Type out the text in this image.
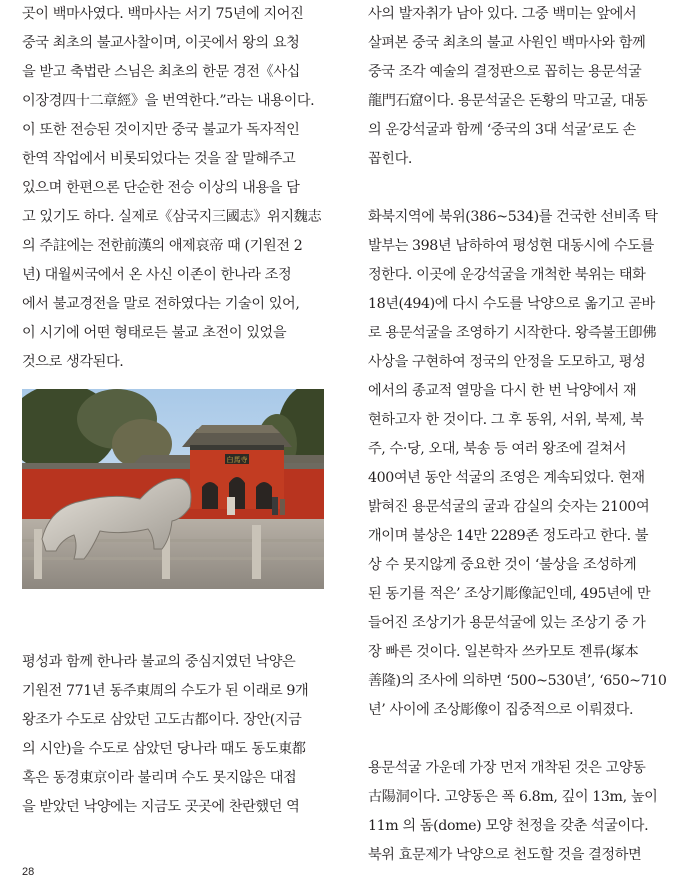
곳이 백마사였다. 백마사는 서기 75년에 지어진
중국 최초의 불교사찰이며, 이곳에서 왕의 요청
을 받고 축법란 스님은 최초의 한문 경전《사십
이장경四十二章經》을 번역한다.”라는 내용이다.
이 또한 전승된 것이지만 중국 불교가 독자적인
한역 작업에서 비롯되었다는 것을 잘 말해주고
있으며 한편으론 단순한 전승 이상의 내용을 담
고 있기도 하다. 실제로《삼국지三國志》위지魏志
의 주註에는 전한前漢의 애제哀帝 때 (기원전 2
년) 대월씨국에서 온 사신 이존이 한나라 조정
에서 불교경전을 말로 전하였다는 기술이 있어,
이 시기에 어떤 형태로든 불교 초전이 있었을
것으로 생각된다.
白馬寺
평성과 함께 한나라 불교의 중심지였던 낙양은
기원전 771년 동주東周의 수도가 된 이래로 9개
왕조가 수도로 삼았던 고도古都이다. 장안(지금
의 시안)을 수도로 삼았던 당나라 때도 동도東都
혹은 동경東京이라 불리며 수도 못지않은 대접
을 받았던 낙양에는 지금도 곳곳에 찬란했던 역
사의 발자취가 남아 있다. 그중 백미는 앞에서
살펴본 중국 최초의 불교 사원인 백마사와 함께
중국 조각 예술의 결정판으로 꼽히는 용문석굴
龍門石窟이다. 용문석굴은 돈황의 막고굴, 대동
의 운강석굴과 함께 ‘중국의 3대 석굴’로도 손
꼽힌다.
화북지역에 북위(386~534)를 건국한 선비족 탁
발부는 398년 남하하여 평성현 대동시에 수도를
정한다. 이곳에 운강석굴을 개척한 북위는 태화
18년(494)에 다시 수도를 낙양으로 옮기고 곧바
로 용문석굴을 조영하기 시작한다. 왕즉불王卽佛
사상을 구현하여 정국의 안정을 도모하고, 평성
에서의 종교적 열망을 다시 한 번 낙양에서 재
현하고자 한 것이다. 그 후 동위, 서위, 북제, 북
주, 수·당, 오대, 북송 등 여러 왕조에 걸쳐서
400여년 동안 석굴의 조영은 계속되었다. 현재
밝혀진 용문석굴의 굴과 감실의 숫자는 2100여
개이며 불상은 14만 2289존 정도라고 한다. 불
상 수 못지않게 중요한 것이 ‘불상을 조성하게
된 동기를 적은’ 조상기彫像記인데, 495년에 만
들어진 조상기가 용문석굴에 있는 조상기 중 가
장 빠른 것이다. 일본학자 쓰카모토 젠류(塚本
善隆)의 조사에 의하면 ‘500~530년’, ‘650~710
년’ 사이에 조상彫像이 집중적으로 이뤄졌다.
용문석굴 가운데 가장 먼저 개착된 것은 고양동
古陽洞이다. 고양동은 폭 6.8m, 깊이 13m, 높이
11m 의 돔(dome) 모양 천정을 갖춘 석굴이다.
북위 효문제가 낙양으로 천도할 것을 결정하면
28
